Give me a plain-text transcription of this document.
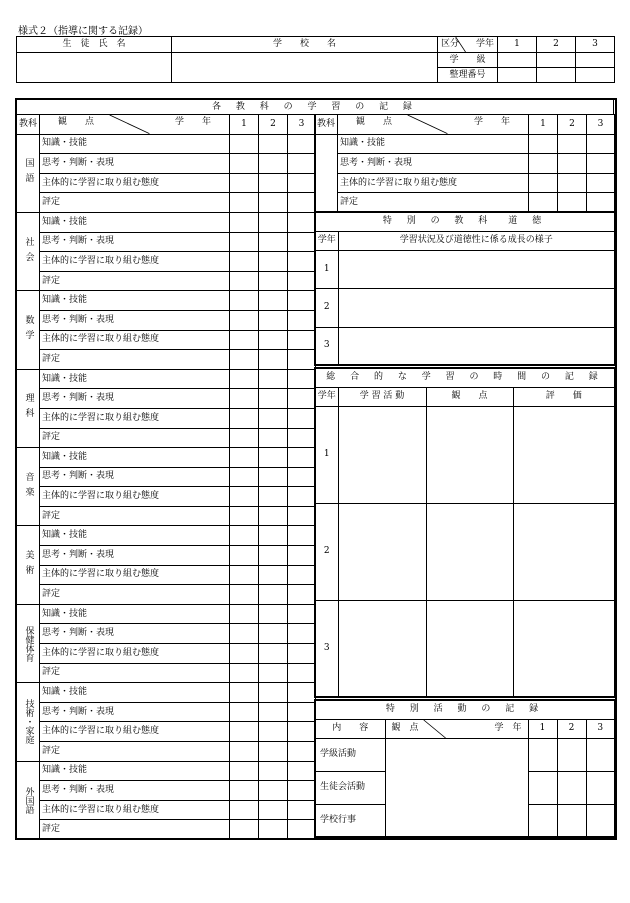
様式２（指導に関する記録）
生　徒　氏　名	学　　校　　名	区分 学年	1	2	3
		学　　級			
		整理番号			
各 教 科 の 学 習 の 記 録
教科	観　　点 学　　年	1	2	3

国語	知識・技能			
	思考・判断・表現			
	主体的に学習に取り組む態度			
	評定			

社会	知識・技能			
	思考・判断・表現			
	主体的に学習に取り組む態度			
	評定			

数学	知識・技能			
	思考・判断・表現			
	主体的に学習に取り組む態度			
	評定			

理科	知識・技能			
	思考・判断・表現			
	主体的に学習に取り組む態度			
	評定			

音楽	知識・技能			
	思考・判断・表現			
	主体的に学習に取り組む態度			
	評定			

美術	知識・技能			
	思考・判断・表現			
	主体的に学習に取り組む態度			
	評定			

保健体育	知識・技能			
	思考・判断・表現			
	主体的に学習に取り組む態度			
	評定			

技術・家庭	知識・技能			
	思考・判断・表現			
	主体的に学習に取り組む態度			
	評定			

外国語	知識・技能			
	思考・判断・表現			
	主体的に学習に取り組む態度			
	評定			
教科	観　　点 学　　年	1	2	3
	知識・技能			
	思考・判断・表現			
	主体的に学習に取り組む態度			
	評定			
特 別 の 教 科　道 徳	
学年	学習状況及び道徳性に係る成長の様子
1	
2	
3	
総 合 的 な 学 習 の 時 間 の 記 録			
学年	学 習 活 動	観　　点	評　　価
1			
2			
3			
特 別 活 動 の 記 録				
内　　容	観　点 学　年	1	2	3
学級活動				
生徒会活動				
学校行事				
